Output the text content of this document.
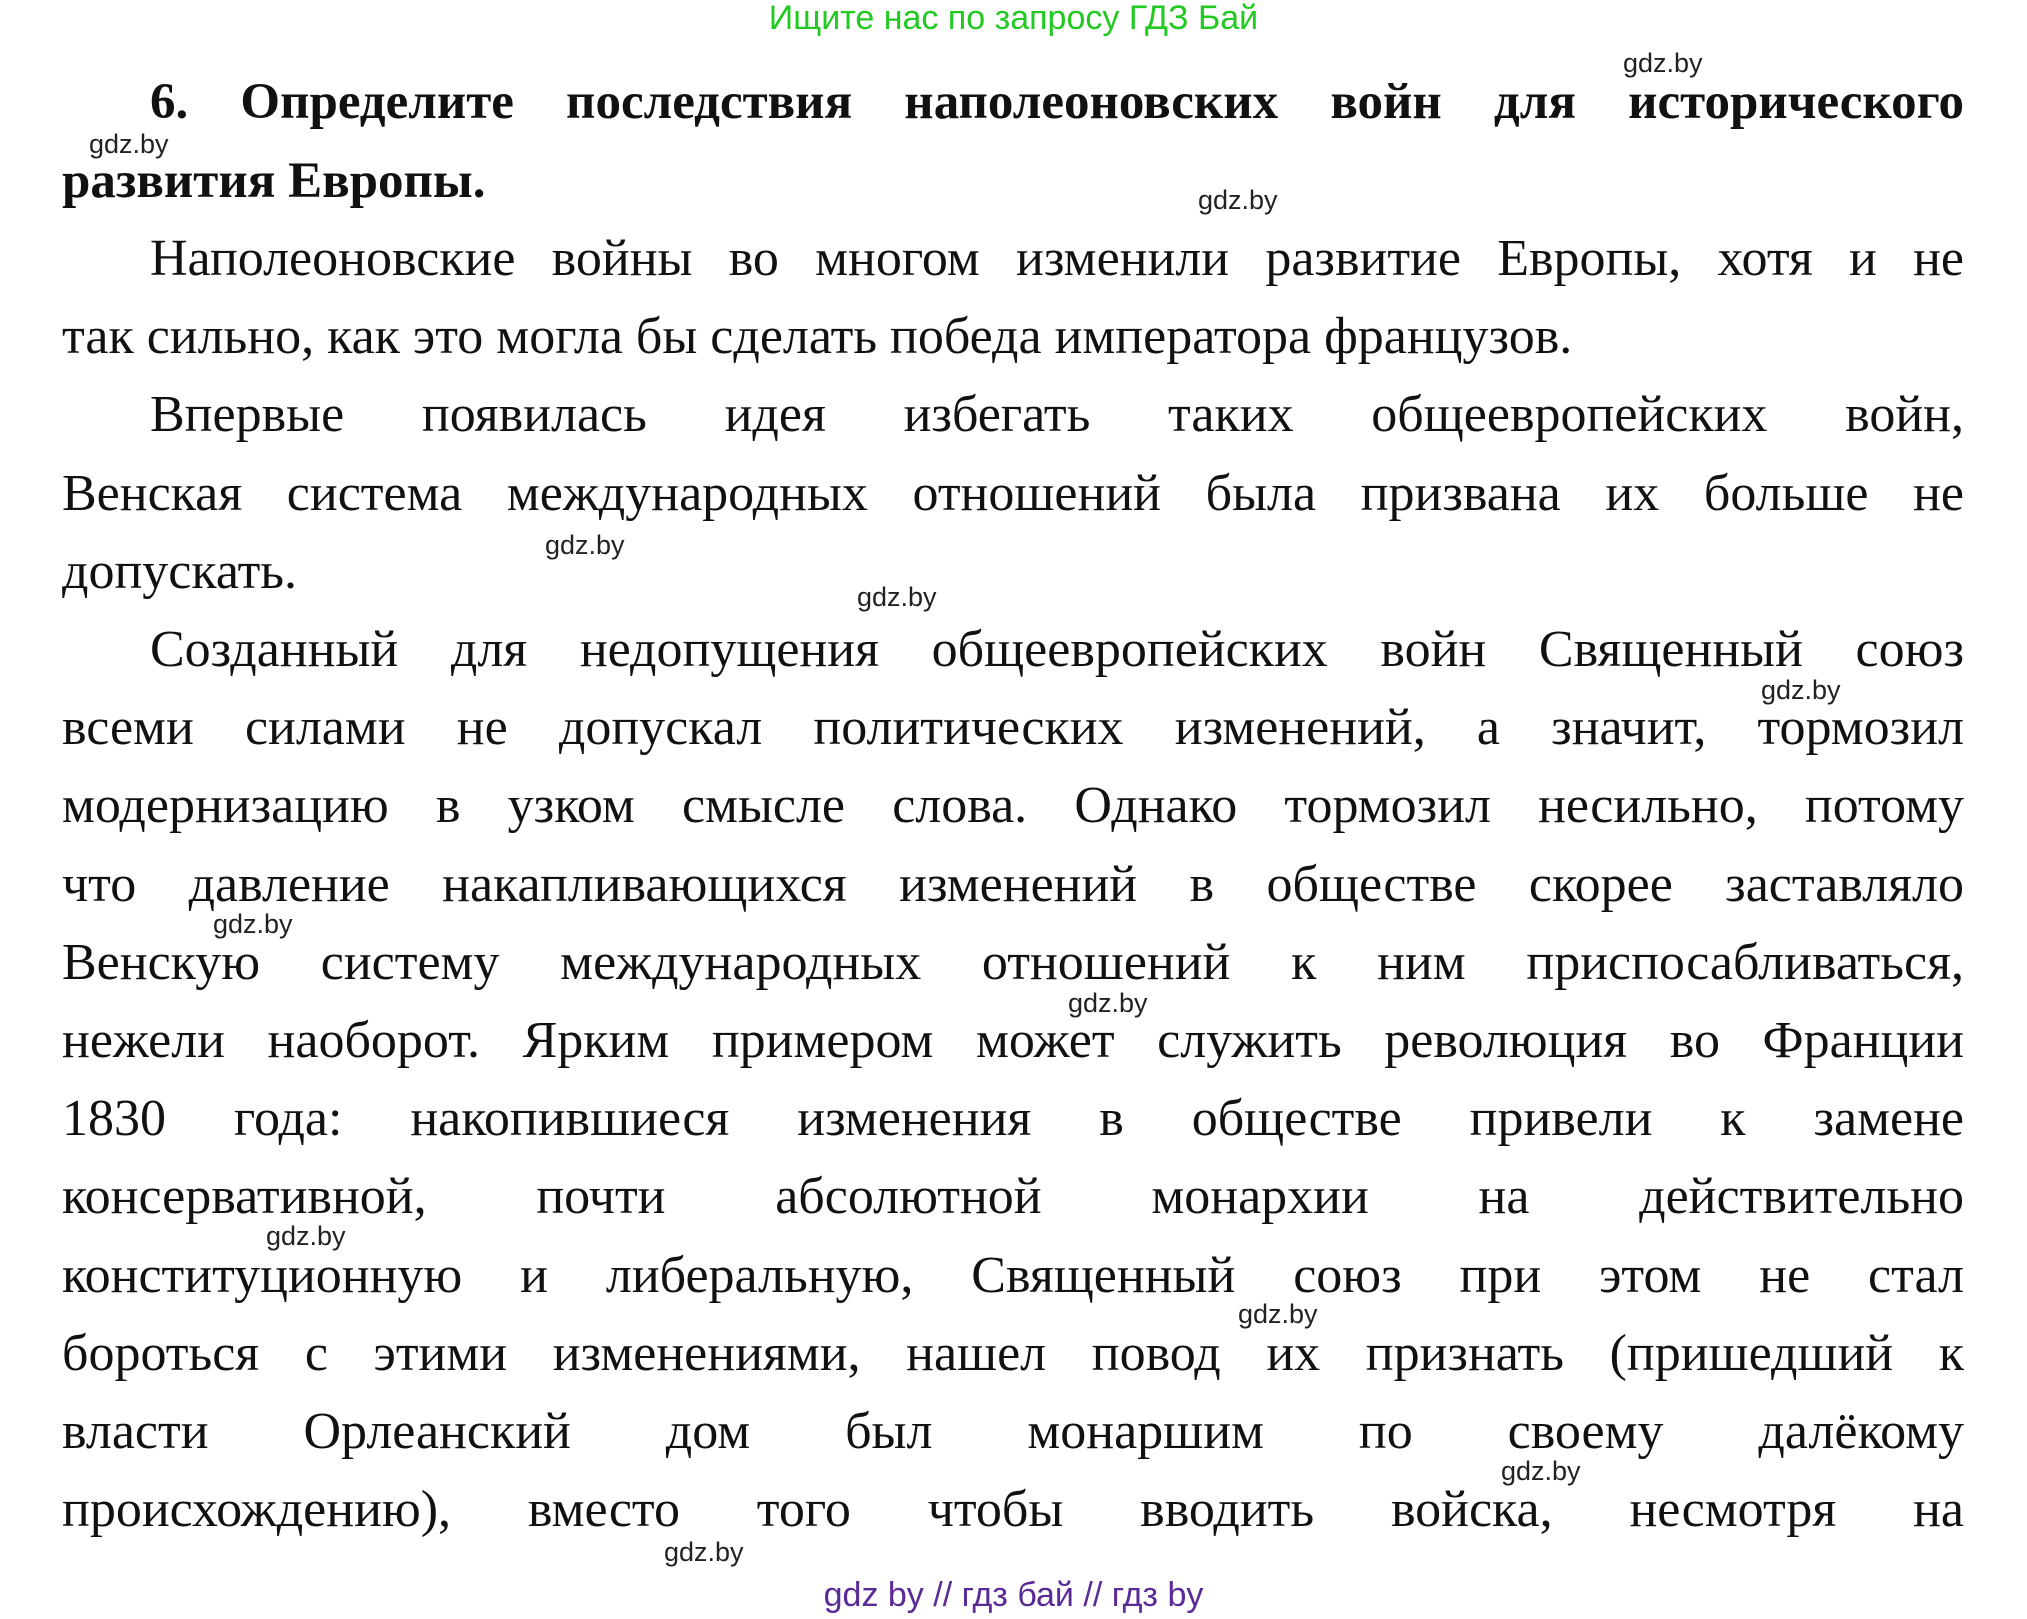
Ищите нас по запросу ГДЗ Бай
6. Определите последствия наполеоновских войн для исторического
развития Европы.
Наполеоновские войны во многом изменили развитие Европы, хотя и не
так сильно, как это могла бы сделать победа императора французов.
Впервые появилась идея избегать таких общеевропейских войн,
Венская система международных отношений была призвана их больше не
допускать.
Созданный для недопущения общеевропейских войн Священный союз
всеми силами не допускал политических изменений, а значит, тормозил
модернизацию в узком смысле слова. Однако тормозил несильно, потому
что давление накапливающихся изменений в обществе скорее заставляло
Венскую систему международных отношений к ним приспосабливаться,
нежели наоборот. Ярким примером может служить революция во Франции
1830 года: накопившиеся изменения в обществе привели к замене
консервативной, почти абсолютной монархии на действительно
конституционную и либеральную, Священный союз при этом не стал
бороться с этими изменениями, нашел повод их признать (пришедший к
власти Орлеанский дом был монаршим по своему далёкому
происхождению), вместо того чтобы вводить войска, несмотря на
gdz.by
gdz.by
gdz.by
gdz.by
gdz.by
gdz.by
gdz.by
gdz.by
gdz.by
gdz.by
gdz.by
gdz.by
gdz by // гдз бай // гдз by
